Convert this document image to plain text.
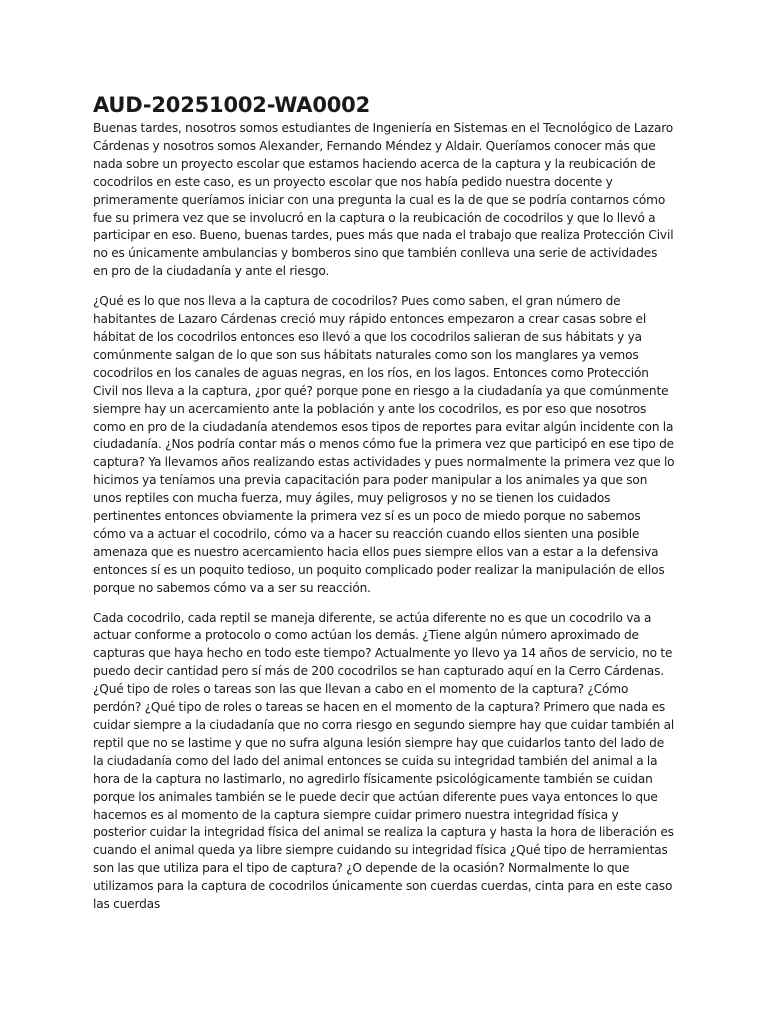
AUD-20251002-WA0002

Buenas tardes, nosotros somos estudiantes de Ingeniería en Sistemas en el Tecnológico de Lazaro Cárdenas y nosotros somos Alexander, Fernando Méndez y Aldair. Queríamos conocer más que nada sobre un proyecto escolar que estamos haciendo acerca de la captura y la reubicación de cocodrilos en este caso, es un proyecto escolar que nos había pedido nuestra docente y primeramente queríamos iniciar con una pregunta la cual es la de que se podría contarnos cómo fue su primera vez que se involucró en la captura o la reubicación de cocodrilos y que lo llevó a participar en eso. Bueno, buenas tardes, pues más que nada el trabajo que realiza Protección Civil no es únicamente ambulancias y bomberos sino que también conlleva una serie de actividades en pro de la ciudadanía y ante el riesgo.

¿Qué es lo que nos lleva a la captura de cocodrilos? Pues como saben, el gran número de habitantes de Lazaro Cárdenas creció muy rápido entonces empezaron a crear casas sobre el hábitat de los cocodrilos entonces eso llevó a que los cocodrilos salieran de sus hábitats y ya comúnmente salgan de lo que son sus hábitats naturales como son los manglares ya vemos cocodrilos en los canales de aguas negras, en los ríos, en los lagos. Entonces como Protección Civil nos lleva a la captura, ¿por qué? porque pone en riesgo a la ciudadanía ya que comúnmente siempre hay un acercamiento ante la población y ante los cocodrilos, es por eso que nosotros como en pro de la ciudadanía atendemos esos tipos de reportes para evitar algún incidente con la ciudadanía. ¿Nos podría contar más o menos cómo fue la primera vez que participó en ese tipo de captura? Ya llevamos años realizando estas actividades y pues normalmente la primera vez que lo hicimos ya teníamos una previa capacitación para poder manipular a los animales ya que son unos reptiles con mucha fuerza, muy ágiles, muy peligrosos y no se tienen los cuidados pertinentes entonces obviamente la primera vez sí es un poco de miedo porque no sabemos cómo va a actuar el cocodrilo, cómo va a hacer su reacción cuando ellos sienten una posible amenaza que es nuestro acercamiento hacia ellos pues siempre ellos van a estar a la defensiva entonces sí es un poquito tedioso, un poquito complicado poder realizar la manipulación de ellos porque no sabemos cómo va a ser su reacción.

Cada cocodrilo, cada reptil se maneja diferente, se actúa diferente no es que un cocodrilo va a actuar conforme a protocolo o como actúan los demás. ¿Tiene algún número aproximado de capturas que haya hecho en todo este tiempo? Actualmente yo llevo ya 14 años de servicio, no te puedo decir cantidad pero sí más de 200 cocodrilos se han capturado aquí en la Cerro Cárdenas. ¿Qué tipo de roles o tareas son las que llevan a cabo en el momento de la captura? ¿Cómo perdón? ¿Qué tipo de roles o tareas se hacen en el momento de la captura? Primero que nada es cuidar siempre a la ciudadanía que no corra riesgo en segundo siempre hay que cuidar también al reptil que no se lastime y que no sufra alguna lesión siempre hay que cuidarlos tanto del lado de la ciudadanía como del lado del animal entonces se cuida su integridad también del animal a la hora de la captura no lastimarlo, no agredirlo físicamente psicológicamente también se cuidan porque los animales también se le puede decir que actúan diferente pues vaya entonces lo que hacemos es al momento de la captura siempre cuidar primero nuestra integridad física y posterior cuidar la integridad física del animal se realiza la captura y hasta la hora de liberación es cuando el animal queda ya libre siempre cuidando su integridad física ¿Qué tipo de herramientas son las que utiliza para el tipo de captura? ¿O depende de la ocasión? Normalmente lo que utilizamos para la captura de cocodrilos únicamente son cuerdas cuerdas, cinta para en este caso las cuerdas
